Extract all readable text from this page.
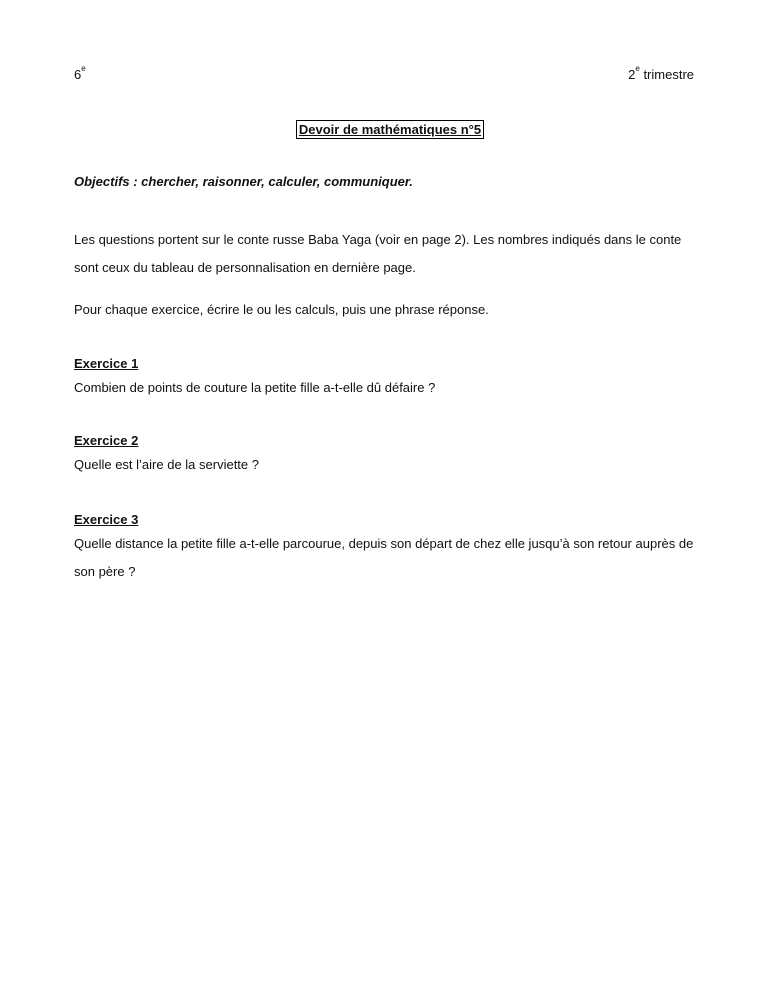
6e	2e trimestre
Devoir de mathématiques n°5
Objectifs : chercher, raisonner, calculer, communiquer.
Les questions portent sur le conte russe Baba Yaga (voir en page 2). Les nombres indiqués dans le conte sont ceux du tableau de personnalisation en dernière page.
Pour chaque exercice, écrire le ou les calculs, puis une phrase réponse.
Exercice 1
Combien de points de couture la petite fille a-t-elle dû défaire ?
Exercice 2
Quelle est l’aire de la serviette ?
Exercice 3
Quelle distance la petite fille a-t-elle parcourue, depuis son départ de chez elle jusqu’à son retour auprès de son père ?
